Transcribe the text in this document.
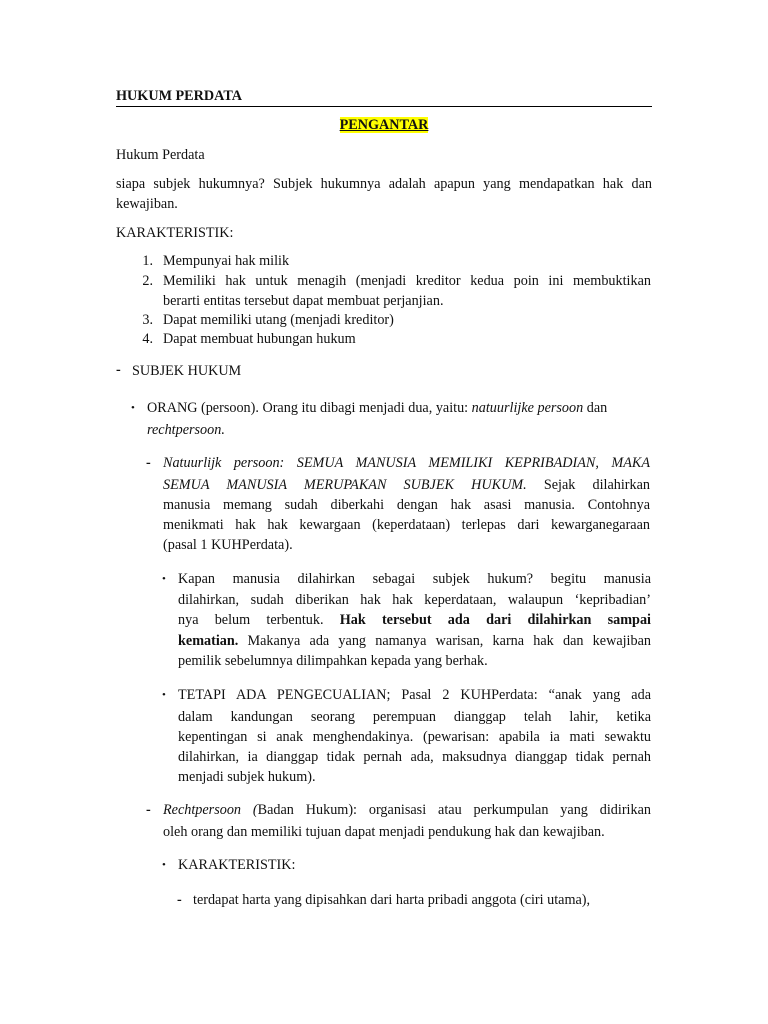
HUKUM PERDATA
PENGANTAR
Hukum Perdata
siapa subjek hukumnya? Subjek hukumnya adalah apapun yang mendapatkan hak dan
kewajiban.
KARAKTERISTIK:
1. Mempunyai hak milik
2. Memiliki hak untuk menagih (menjadi kreditor kedua poin ini membuktikan
berarti entitas tersebut dapat membuat perjanjian.
3. Dapat memiliki utang (menjadi kreditor)
4. Dapat membuat hubungan hukum
- SUBJEK HUKUM
• ORANG (persoon). Orang itu dibagi menjadi dua, yaitu: natuurlijke persoon dan
rechtpersoon.
- Natuurlijk persoon: SEMUA MANUSIA MEMILIKI KEPRIBADIAN, MAKA
SEMUA MANUSIA MERUPAKAN SUBJEK HUKUM. Sejak dilahirkan
manusia memang sudah diberkahi dengan hak asasi manusia. Contohnya
menikmati hak hak kewargaan (keperdataan) terlepas dari kewarganegaraan
(pasal 1 KUHPerdata).
• Kapan manusia dilahirkan sebagai subjek hukum? begitu manusia
dilahirkan, sudah diberikan hak hak keperdataan, walaupun ‘kepribadian’
nya belum terbentuk. Hak tersebut ada dari dilahirkan sampai
kematian. Makanya ada yang namanya warisan, karna hak dan kewajiban
pemilik sebelumnya dilimpahkan kepada yang berhak.
• TETAPI ADA PENGECUALIAN; Pasal 2 KUHPerdata: “anak yang ada
dalam kandungan seorang perempuan dianggap telah lahir, ketika
kepentingan si anak menghendakinya. (pewarisan: apabila ia mati sewaktu
dilahirkan, ia dianggap tidak pernah ada, maksudnya dianggap tidak pernah
menjadi subjek hukum).
- Rechtpersoon (Badan Hukum): organisasi atau perkumpulan yang didirikan
oleh orang dan memiliki tujuan dapat menjadi pendukung hak dan kewajiban.
• KARAKTERISTIK:
- terdapat harta yang dipisahkan dari harta pribadi anggota (ciri utama),
